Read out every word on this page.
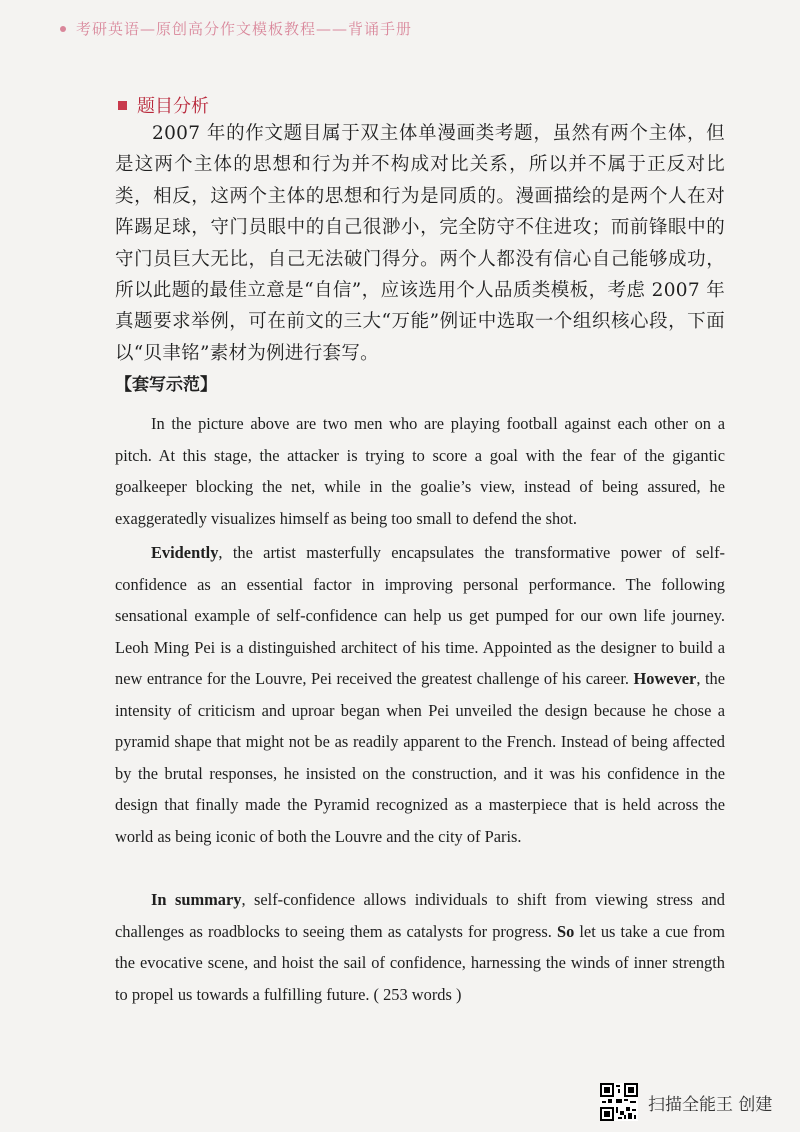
考研英语—原创高分作文模板教程——背诵手册
题目分析

2007 年的作文题目属于双主体单漫画类考题，虽然有两个主体，但是这两个主体的思想和行为并不构成对比关系，所以并不属于正反对比类，相反，这两个主体的思想和行为是同质的。漫画描绘的是两个人在对阵踢足球，守门员眼中的自己很渺小，完全防守不住进攻；而前锋眼中的守门员巨大无比，自己无法破门得分。两个人都没有信心自己能够成功，所以此题的最佳立意是“自信”，应该选用个人品质类模板，考虑 2007 年真题要求举例，可在前文的三大“万能”例证中选取一个组织核心段，下面以“贝聿铭”素材为例进行套写。

【套写示范】

In the picture above are two men who are playing football against each other on a pitch. At this stage, the attacker is trying to score a goal with the fear of the gigantic goalkeeper blocking the net, while in the goalie’s view, instead of being assured, he exaggeratedly visualizes himself as being too small to defend the shot.

Evidently, the artist masterfully encapsulates the transformative power of self-confidence as an essential factor in improving personal performance. The following sensational example of self-confidence can help us get pumped for our own life journey. Leoh Ming Pei is a distinguished architect of his time. Appointed as the designer to build a new entrance for the Louvre, Pei received the greatest challenge of his career. However, the intensity of criticism and uproar began when Pei unveiled the design because he chose a pyramid shape that might not be as readily apparent to the French. Instead of being affected by the brutal responses, he insisted on the construction, and it was his confidence in the design that finally made the Pyramid recognized as a masterpiece that is held across the world as being iconic of both the Louvre and the city of Paris.

In summary, self-confidence allows individuals to shift from viewing stress and challenges as roadblocks to seeing them as catalysts for progress. So let us take a cue from the evocative scene, and hoist the sail of confidence, harnessing the winds of inner strength to propel us towards a fulfilling future. ( 253 words )

扫描全能王 创建
